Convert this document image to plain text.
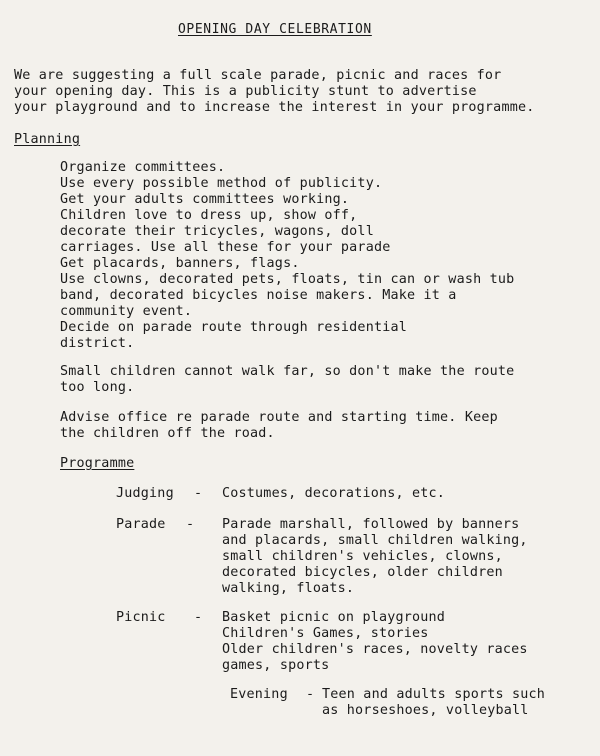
OPENING DAY CELEBRATION
We are suggesting a full scale parade, picnic and races for
your opening day. This is a publicity stunt to advertise
your playground and to increase the interest in your programme.
Planning
Organize committees.
Use every possible method of publicity.
Get your adults committees working.
Children love to dress up, show off,
decorate their tricycles, wagons, doll
carriages. Use all these for your parade
Get placards, banners, flags.
Use clowns, decorated pets, floats, tin can or wash tub
band, decorated bicycles noise makers. Make it a
community event.
Decide on parade route through residential
district.
Small children cannot walk far, so don't make the route
too long.
Advise office re parade route and starting time. Keep
the children off the road.
Programme
Judging - Costumes, decorations, etc.
Parade - Parade marshall, followed by banners
and placards, small children walking,
small children's vehicles, clowns,
decorated bicycles, older children
walking, floats.
Picnic - Basket picnic on playground
Children's Games, stories
Older children's races, novelty races
games, sports
Evening - Teen and adults sports such
as horseshoes, volleyball
